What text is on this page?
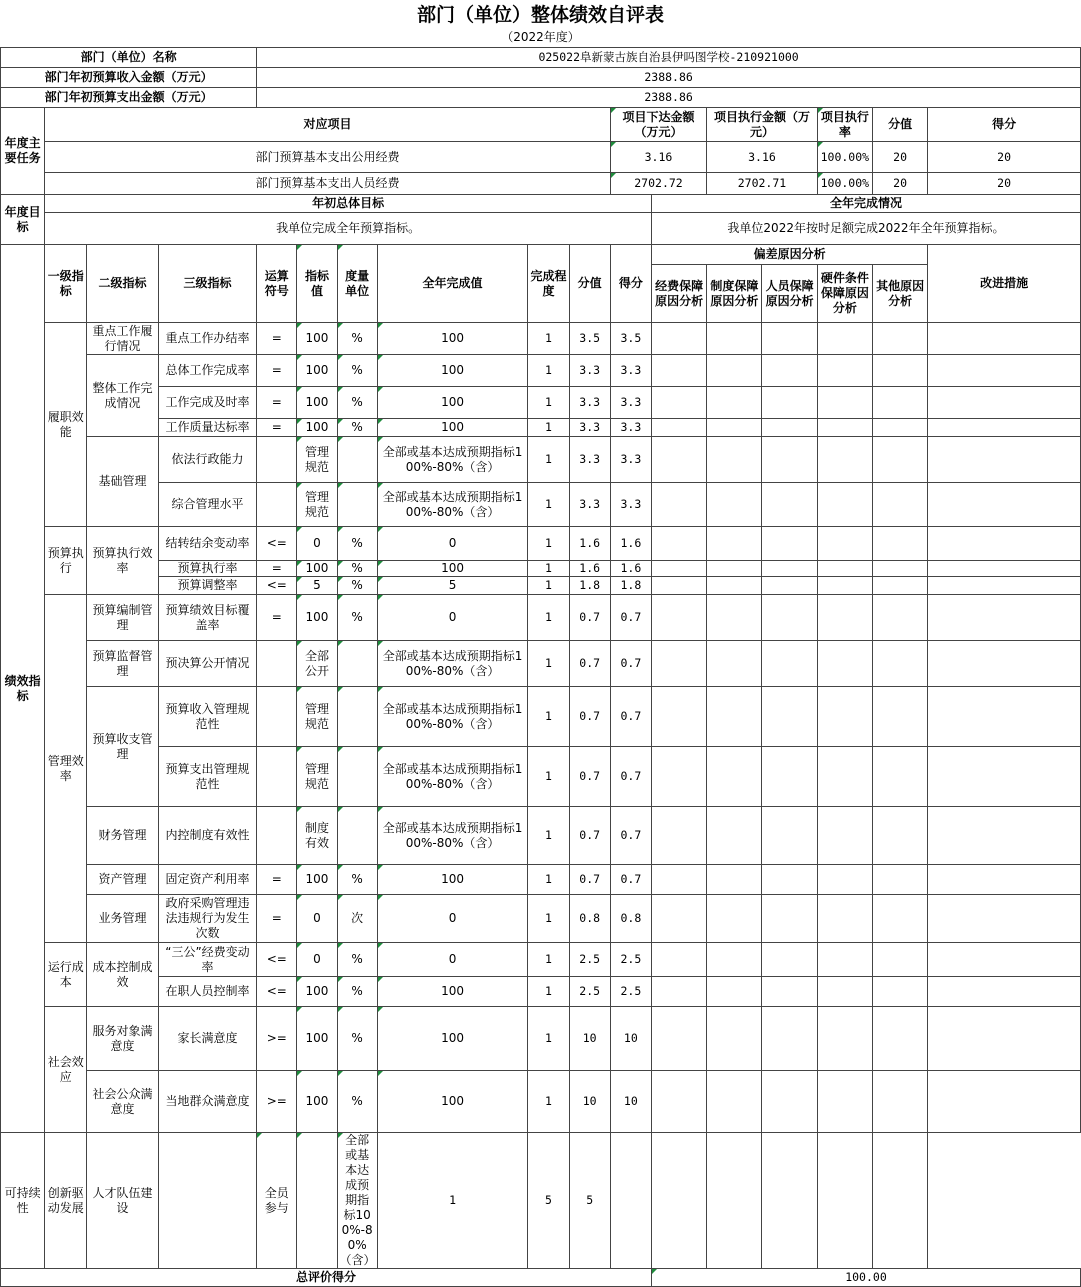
部门（单位）整体绩效自评表
（2022年度）
部门（单位）名称				025022阜新蒙古族自治县伊吗图学校-210921000												
部门年初预算收入金额（万元）				2388.86												
部门年初预算支出金额（万元）				2388.86												
年度主要任务	对应项目									项目下达金额（万元）		项目执行金额（万元）		项目执行率	分值	得分
	部门预算基本支出公用经费									3.16		3.16		100.00%	20	20
	部门预算基本支出人员经费									2702.72		2702.71		100.00%	20	20
年度目标	年初总体目标										全年完成情况					
	我单位完成全年预算指标。										我单位2022年按时足额完成2022年全年预算指标。					
绩效指标	一级指标	二级指标	三级指标	运算符号	指标值	度量单位	全年完成值	完成程度	分值	得分	偏差原因分析					改进措施
											经费保障原因分析	制度保障原因分析	人员保障原因分析	硬件条件保障原因分析	其他原因分析	
	履职效能	重点工作履行情况	重点工作办结率	=	100	%	100	1	3.5	3.5						
		整体工作完成情况	总体工作完成率	=	100	%	100	1	3.3	3.3						
			工作完成及时率	=	100	%	100	1	3.3	3.3						
			工作质量达标率	=	100	%	100	1	3.3	3.3						
		基础管理	依法行政能力		管理规范		全部或基本达成预期指标100%-80%（含）	1	3.3	3.3						
			综合管理水平		管理规范		全部或基本达成预期指标100%-80%（含）	1	3.3	3.3						
	预算执行	预算执行效率	结转结余变动率	<=	0	%	0	1	1.6	1.6						
			预算执行率	=	100	%	100	1	1.6	1.6						
			预算调整率	<=	5	%	5	1	1.8	1.8						
	管理效率	预算编制管理	预算绩效目标覆盖率	=	100	%	0	1	0.7	0.7						
		预算监督管理	预决算公开情况		全部公开		全部或基本达成预期指标100%-80%（含）	1	0.7	0.7						
		预算收支管理	预算收入管理规范性		管理规范		全部或基本达成预期指标100%-80%（含）	1	0.7	0.7						
			预算支出管理规范性		管理规范		全部或基本达成预期指标100%-80%（含）	1	0.7	0.7						
		财务管理	内控制度有效性		制度有效		全部或基本达成预期指标100%-80%（含）	1	0.7	0.7						
		资产管理	固定资产利用率	=	100	%	100	1	0.7	0.7						
		业务管理	政府采购管理违法违规行为发生次数	=	0	次	0	1	0.8	0.8						
	运行成本	成本控制成效	“三公”经费变动率	<=	0	%	0	1	2.5	2.5						
			在职人员控制率	<=	100	%	100	1	2.5	2.5						
	社会效应	服务对象满意度	家长满意度	>=	100	%	100	1	10	10						
		社会公众满意度	当地群众满意度	>=	100	%	100	1	10	10						
可持续性	创新驱动发展	人才队伍建设		全员参与		全部或基本达成预期指标100%-80%（含）	1	5	5							
总评价得分											100.00					
